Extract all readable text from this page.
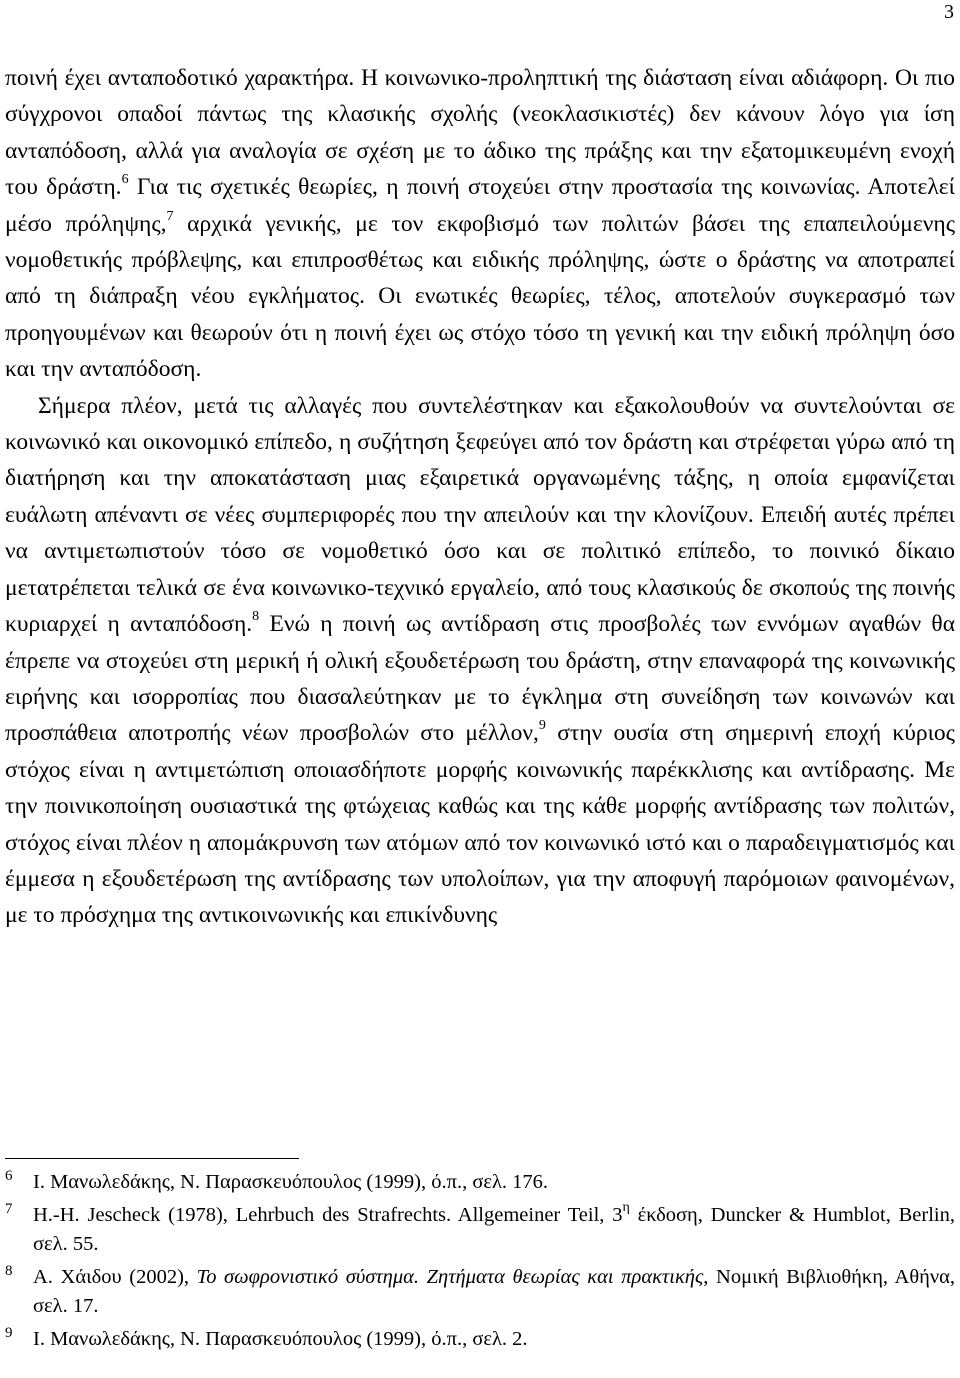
3

ποινή έχει ανταποδοτικό χαρακτήρα. Η κοινωνικο-προληπτική της διάσταση είναι αδιάφορη. Οι πιο σύγχρονοι οπαδοί πάντως της κλασικής σχολής (νεοκλασικιστές) δεν κάνουν λόγο για ίση ανταπόδοση, αλλά για αναλογία σε σχέση με το άδικο της πράξης και την εξατομικευμένη ενοχή του δράστη.$^6$ Για τις σχετικές θεωρίες, η ποινή στοχεύει στην προστασία της κοινωνίας. Αποτελεί μέσο πρόληψης,$^7$ αρχικά γενικής, με τον εκφοβισμό των πολιτών βάσει της επαπειλούμενης νομοθετικής πρόβλεψης, και επιπροσθέτως και ειδικής πρόληψης, ώστε ο δράστης να αποτραπεί από τη διάπραξη νέου εγκλήματος. Οι ενωτικές θεωρίες, τέλος, αποτελούν συγκερασμό των προηγουμένων και θεωρούν ότι η ποινή έχει ως στόχο τόσο τη γενική και την ειδική πρόληψη όσο και την ανταπόδοση.

Σήμερα πλέον, μετά τις αλλαγές που συντελέστηκαν και εξακολουθούν να συντελούνται σε κοινωνικό και οικονομικό επίπεδο, η συζήτηση ξεφεύγει από τον δράστη και στρέφεται γύρω από τη διατήρηση και την αποκατάσταση μιας εξαιρετικά οργανωμένης τάξης, η οποία εμφανίζεται ευάλωτη απέναντι σε νέες συμπεριφορές που την απειλούν και την κλονίζουν. Επειδή αυτές πρέπει να αντιμετωπιστούν τόσο σε νομοθετικό όσο και σε πολιτικό επίπεδο, το ποινικό δίκαιο μετατρέπεται τελικά σε ένα κοινωνικο-τεχνικό εργαλείο, από τους κλασικούς δε σκοπούς της ποινής κυριαρχεί η ανταπόδοση.$^8$ Ενώ η ποινή ως αντίδραση στις προσβολές των εννόμων αγαθών θα έπρεπε να στοχεύει στη μερική ή ολική εξουδετέρωση του δράστη, στην επαναφορά της κοινωνικής ειρήνης και ισορροπίας που διασαλεύτηκαν με το έγκλημα στη συνείδηση των κοινωνών και προσπάθεια αποτροπής νέων προσβολών στο μέλλον,$^9$ στην ουσία στη σημερινή εποχή κύριος στόχος είναι η αντιμετώπιση οποιασδήποτε μορφής κοινωνικής παρέκκλισης και αντίδρασης. Με την ποινικοποίηση ουσιαστικά της φτώχειας καθώς και της κάθε μορφής αντίδρασης των πολιτών, στόχος είναι πλέον η απομάκρυνση των ατόμων από τον κοινωνικό ιστό και ο παραδειγματισμός και έμμεσα η εξουδετέρωση της αντίδρασης των υπολοίπων, για την αποφυγή παρόμοιων φαινομένων, με το πρόσχημα της αντικοινωνικής και επικίνδυνης

6 Ι. Μανωλεδάκης, Ν. Παρασκευόπουλος (1999), ό.π., σελ. 176.
7 H.-H. Jescheck (1978), Lehrbuch des Strafrechts. Allgemeiner Teil, $3^\eta$ έκδοση, Duncker & Humblot, Berlin, σελ. 55.
8 Α. Χάιδου (2002), Το σωφρονιστικό σύστημα. Ζητήματα θεωρίας και πρακτικής, Νομική Βιβλιοθήκη, Αθήνα, σελ. 17.
9 Ι. Μανωλεδάκης, Ν. Παρασκευόπουλος (1999), ό.π., σελ. 2.
